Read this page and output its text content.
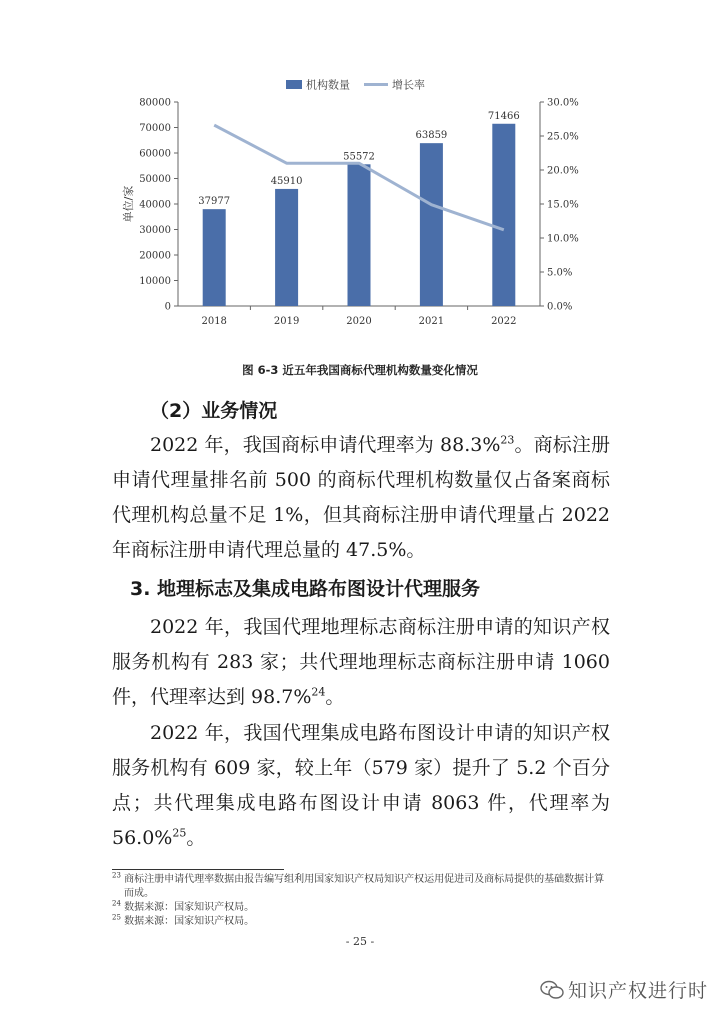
机构数量	增长率
单位/家
0
10000
20000
30000
40000
50000
60000
70000
80000
0.0%
5.0%
10.0%
15.0%
20.0%
25.0%
30.0%
37977
45910
55572
63859
71466
2018	2019	2020	2021	2022
图 6-3 近五年我国商标代理机构数量变化情况
（2）业务情况

2022 年，我国商标申请代理率为 88.3%$^{23}$。商标注册申请代理量排名前 500 的商标代理机构数量仅占备案商标代理机构总量不足 1%，但其商标注册申请代理量占 2022 年商标注册申请代理总量的 47.5%。

3. 地理标志及集成电路布图设计代理服务

2022 年，我国代理地理标志商标注册申请的知识产权服务机构有 283 家；共代理地理标志商标注册申请 1060 件，代理率达到 98.7%$^{24}$。

2022 年，我国代理集成电路布图设计申请的知识产权服务机构有 609 家，较上年（579 家）提升了 5.2 个百分点；共代理集成电路布图设计申请 8063 件，代理率为 56.0%$^{25}$。

$^{23}$ 商标注册申请代理率数据由报告编写组利用国家知识产权局知识产权运用促进司及商标局提供的基础数据计算而成。

$^{24}$ 数据来源：国家知识产权局。

$^{25}$ 数据来源：国家知识产权局。

- 25 -
知识产权进行时
